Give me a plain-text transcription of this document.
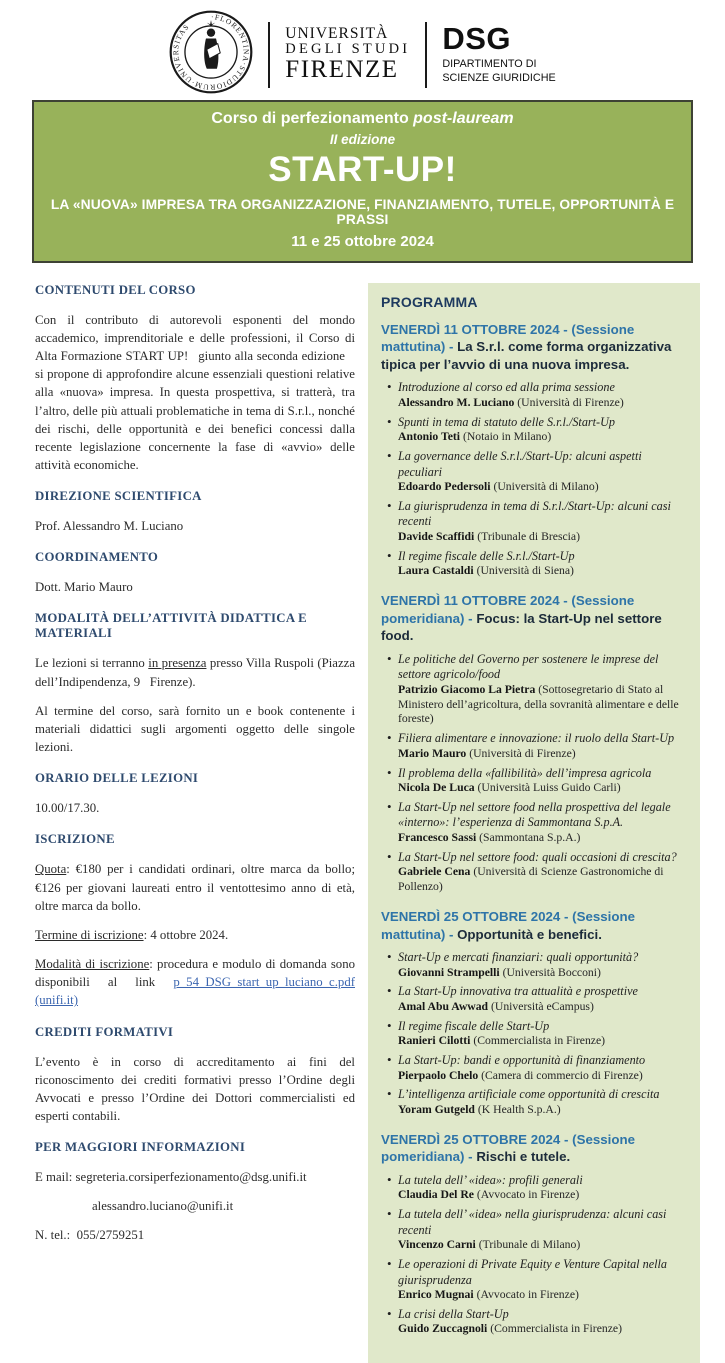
·FLORENTINA·STUDIORUM·UNIVERSITAS	UNIVERSITÀ
DEGLI STUDI
FIRENZE
DSG
DIPARTIMENTO DI
SCIENZE GIURIDICHE
Corso di perfezionamento post-lauream
II edizione
START-UP!
LA «NUOVA» IMPRESA TRA ORGANIZZAZIONE, FINANZIAMENTO, TUTELE, OPPORTUNITÀ E PRASSI
11 e 25 ottobre 2024
CONTENUTI DEL CORSO

Con il contributo di autorevoli esponenti del mondo accademico, imprenditoriale e delle professioni, il Corso di Alta Formazione START UP!  giunto alla seconda edizione  si propone di approfondire alcune essenziali questioni relative alla «nuova» impresa. In questa prospettiva, si tratterà, tra l’altro, delle più attuali problematiche in tema di S.r.l., nonché dei rischi, delle opportunità e dei benefici concessi dalla recente legislazione concernente la fase di «avvio» delle attività economiche.

DIREZIONE SCIENTIFICA

Prof. Alessandro M. Luciano

COORDINAMENTO

Dott. Mario Mauro

MODALITÀ DELL’ATTIVITÀ DIDATTICA E MATERIALI

Le lezioni si terranno in presenza presso Villa Ruspoli (Piazza dell’Indipendenza, 9  Firenze).

Al termine del corso, sarà fornito un e book contenente i materiali didattici sugli argomenti oggetto delle singole lezioni.

ORARIO DELLE LEZIONI

10.00/17.30.

ISCRIZIONE

Quota: €180 per i candidati ordinari, oltre marca da bollo; €126 per giovani laureati entro il ventottesimo anno di età, oltre marca da bollo.

Termine di iscrizione: 4 ottobre 2024.

Modalità di iscrizione: procedura e modulo di domanda sono disponibili al link p_54_DSG_start_up_luciano_c.pdf (unifi.it)

CREDITI FORMATIVI

L’evento è in corso di accreditamento ai fini del riconoscimento dei crediti formativi presso l’Ordine degli Avvocati e presso l’Ordine dei Dottori commercialisti ed esperti contabili.

PER MAGGIORI INFORMAZIONI

E mail: segreteria.corsiperfezionamento@dsg.unifi.it

alessandro.luciano@unifi.it

N. tel.: 055/2759251

PROGRAMMA
VENERDÌ 11 OTTOBRE 2024 - (Sessione mattutina) - La S.r.l. come forma organizzativa tipica per l’avvio di una nuova impresa.
• Introduzione al corso ed alla prima sessione
Alessandro M. Luciano (Università di Firenze)
• Spunti in tema di statuto delle S.r.l./Start-Up
Antonio Teti (Notaio in Milano)
• La governance delle S.r.l./Start-Up: alcuni aspetti peculiari
Edoardo Pedersoli (Università di Milano)
• La giurisprudenza in tema di S.r.l./Start-Up: alcuni casi recenti
Davide Scaffidi (Tribunale di Brescia)
• Il regime fiscale delle S.r.l./Start-Up
Laura Castaldi (Università di Siena)
VENERDÌ 11 OTTOBRE 2024 - (Sessione pomeridiana) - Focus: la Start-Up nel settore food.
• Le politiche del Governo per sostenere le imprese del settore agricolo/food
Patrizio Giacomo La Pietra (Sottosegretario di Stato al Ministero dell’agricoltura, della sovranità alimentare e delle foreste)
• Filiera alimentare e innovazione: il ruolo della Start-Up
Mario Mauro (Università di Firenze)
• Il problema della «fallibilità» dell’impresa agricola
Nicola De Luca (Università Luiss Guido Carli)
• La Start-Up nel settore food nella prospettiva del legale «interno»: l’esperienza di Sammontana S.p.A.
Francesco Sassi (Sammontana S.p.A.)
• La Start-Up nel settore food: quali occasioni di crescita?
Gabriele Cena (Università di Scienze Gastronomiche di Pollenzo)
VENERDÌ 25 OTTOBRE 2024 - (Sessione mattutina) - Opportunità e benefici.
• Start-Up e mercati finanziari: quali opportunità?
Giovanni Strampelli (Università Bocconi)
• La Start-Up innovativa tra attualità e prospettive
Amal Abu Awwad (Università eCampus)
• Il regime fiscale delle Start-Up
Ranieri Cilotti (Commercialista in Firenze)
• La Start-Up: bandi e opportunità di finanziamento
Pierpaolo Chelo (Camera di commercio di Firenze)
• L’intelligenza artificiale come opportunità di crescita
Yoram Gutgeld (K Health S.p.A.)
VENERDÌ 25 OTTOBRE 2024 - (Sessione pomeridiana) - Rischi e tutele.
• La tutela dell’ «idea»: profili generali
Claudia Del Re (Avvocato in Firenze)
• La tutela dell’ «idea» nella giurisprudenza: alcuni casi recenti
Vincenzo Carni (Tribunale di Milano)
• Le operazioni di Private Equity e Venture Capital nella giurisprudenza
Enrico Mugnai (Avvocato in Firenze)
• La crisi della Start-Up
Guido Zuccagnoli (Commercialista in Firenze)
